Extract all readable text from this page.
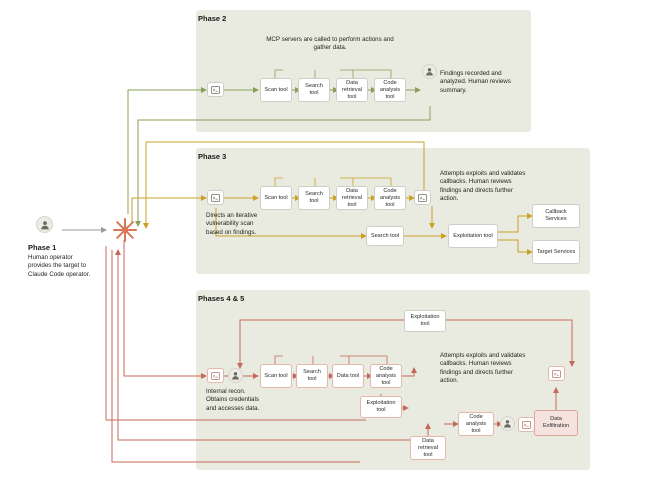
Phase 1
Human operator provides the target to Claude Code operator.
Phase 2
MCP servers are called to perform actions and gather data.
Scan tool
Search tool
Data retrieval tool
Code analysis tool
Findings recorded and analyzed. Human reviews summary.
Phase 3
Directs an iterative vulnerability scan based on findings.
Scan tool
Search tool
Data retrieval tool
Code analysis tool
Search tool
Attempts exploits and validates callbacks. Human reviews findings and directs further action.
Exploitation tool
Callback Services
Target Services
Phases 4 & 5
Exploitation tool
Internal recon. Obtains credentials and accesses data.
Scan tool
Search tool
Data tool
Code analysis tool
Exploitation tool
Data retrieval tool
Code analysis tool
Data Exfiltration
Attempts exploits and validates callbacks. Human reviews findings and directs further action.
